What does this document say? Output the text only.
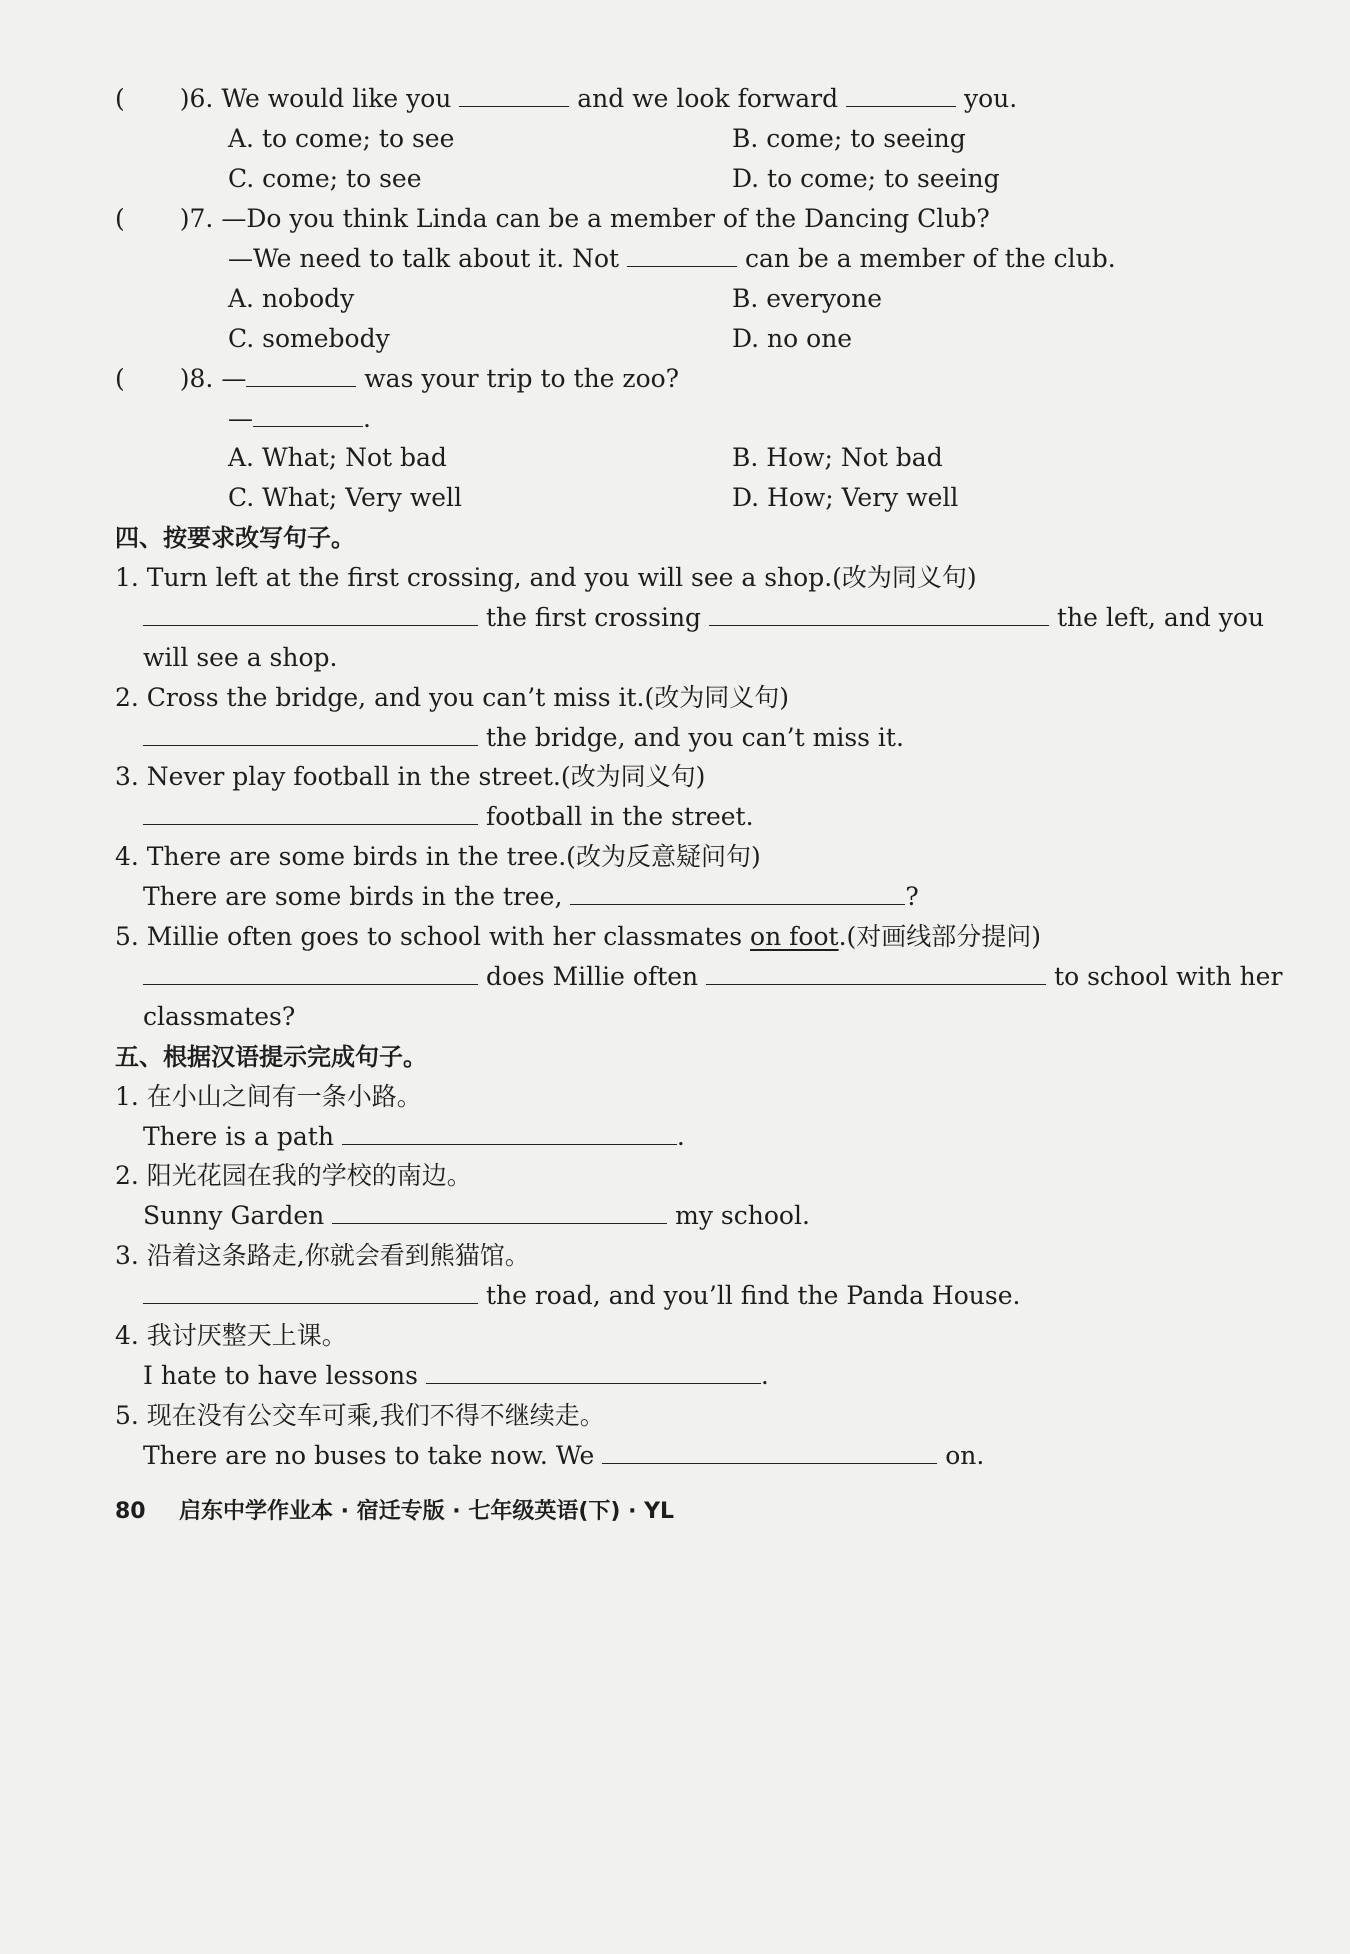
( )6. We would like you	and we look forward	you.
A. to come; to see	B. come; to seeing
C. come; to see	D. to come; to seeing
( )7. —Do you think Linda can be a member of the Dancing Club?
—We need to talk about it. Not	can be a member of the club.
A. nobody	B. everyone
C. somebody	D. no one
( )8. —	was your trip to the zoo?
—	.
A. What; Not bad	B. How; Not bad
C. What; Very well	D. How; Very well
四、按要求改写句子。
1. Turn left at the first crossing, and you will see a shop.(改为同义句)
the first crossing	the left, and you
will see a shop.
2. Cross the bridge, and you can’t miss it.(改为同义句)
the bridge, and you can’t miss it.
3. Never play football in the street.(改为同义句)
football in the street.
4. There are some birds in the tree.(改为反意疑问句)
There are some birds in the tree,	?
5. Millie often goes to school with her classmates on foot.(对画线部分提问)
does Millie often	to school with her
classmates?
五、根据汉语提示完成句子。
1. 在小山之间有一条小路。
There is a path	.
2. 阳光花园在我的学校的南边。
Sunny Garden	my school.
3. 沿着这条路走,你就会看到熊猫馆。
the road, and you’ll find the Panda House.
4. 我讨厌整天上课。
I hate to have lessons	.
5. 现在没有公交车可乘,我们不得不继续走。
There are no buses to take now. We	on.
80 启东中学作业本 · 宿迁专版 · 七年级英语(下) · YL
